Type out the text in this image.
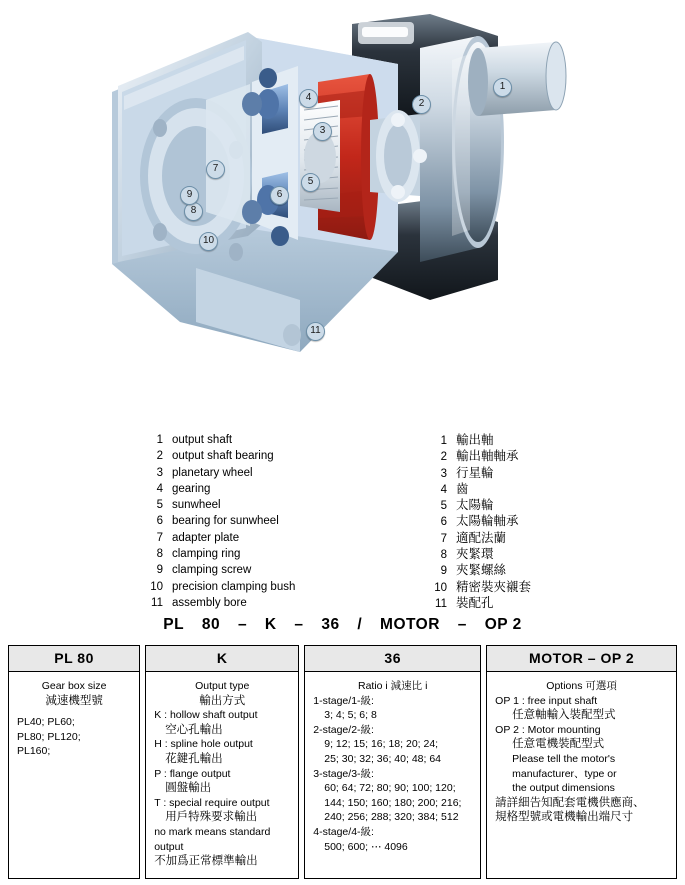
1
2
3
4
5
6
7
8
9
10
11
1 output shaft
2 output shaft bearing
3 planetary wheel
4 gearing
5 sunwheel
6 bearing for sunwheel
7 adapter plate
8 clamping ring
9 clamping screw
10 precision clamping bush
11 assembly bore
1 輸出軸
2 輸出軸軸承
3 行星輪
4 齒
5 太陽輪
6 太陽輪軸承
7 適配法蘭
8 夾緊環
9 夾緊螺絲
10 精密裝夾襯套
11 裝配孔
PL 80 – K – 36 / MOTOR – OP 2
PL 80
Gear box size
減速機型號
PL40; PL60;
PL80; PL120;
PL160;
K
Output type
輸出方式
K : hollow shaft output
空心孔輸出
H : spline hole output
花鍵孔輸出
P : flange output
圓盤輸出
T : special require output
用戶特殊要求輸出
no mark means standard
output
不加爲正常標準輸出
36
Ratio i 減速比 i
1-stage/1-級:
3; 4; 5; 6; 8
2-stage/2-級:
9; 12; 15; 16; 18; 20; 24;
25; 30; 32; 36; 40; 48; 64
3-stage/3-級:
60; 64; 72; 80; 90; 100; 120;
144; 150; 160; 180; 200; 216;
240; 256; 288; 320; 384; 512
4-stage/4-級:
500; 600; ⋯ 4096
MOTOR – OP 2
Options 可選項
OP 1 : free input shaft
任意軸輸入裝配型式
OP 2 : Motor mounting
任意電機裝配型式
Please tell the motor's
manufacturer、type or
the output dimensions
請詳細告知配套電機供應商、
規格型號或電機輸出端尺寸
